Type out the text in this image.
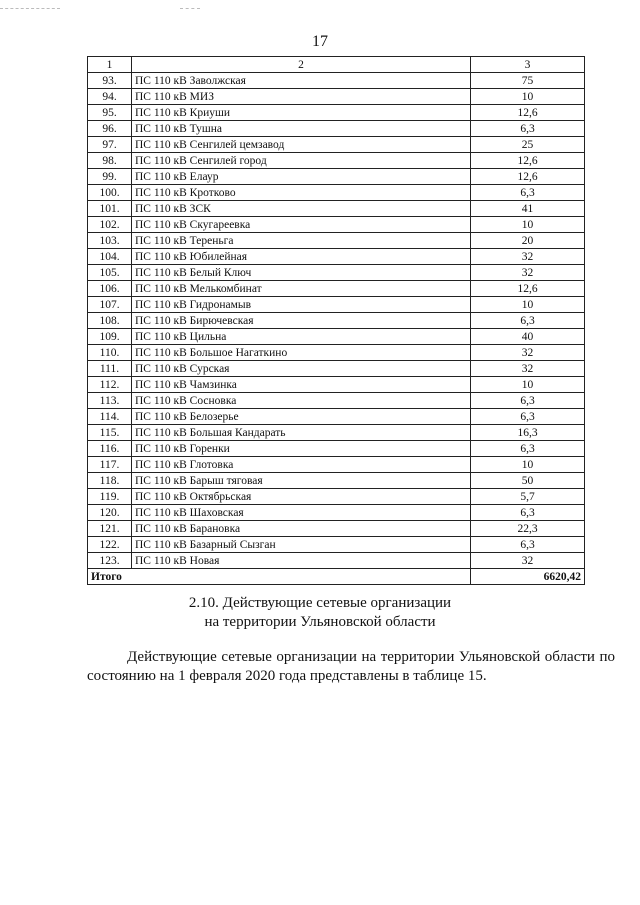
17
1	2	3
93.	ПС 110 кВ Заволжская	75
94.	ПС 110 кВ МИЗ	10
95.	ПС 110 кВ Криуши	12,6
96.	ПС 110 кВ Тушна	6,3
97.	ПС 110 кВ Сенгилей цемзавод	25
98.	ПС 110 кВ Сенгилей город	12,6
99.	ПС 110 кВ Елаур	12,6
100.	ПС 110 кВ Кротково	6,3
101.	ПС 110 кВ ЗСК	41
102.	ПС 110 кВ Скугареевка	10
103.	ПС 110 кВ Тереньга	20
104.	ПС 110 кВ Юбилейная	32
105.	ПС 110 кВ Белый Ключ	32
106.	ПС 110 кВ Мелькомбинат	12,6
107.	ПС 110 кВ Гидронамыв	10
108.	ПС 110 кВ Бирючевская	6,3
109.	ПС 110 кВ Цильна	40
110.	ПС 110 кВ Большое Нагаткино	32
111.	ПС 110 кВ Сурская	32
112.	ПС 110 кВ Чамзинка	10
113.	ПС 110 кВ Сосновка	6,3
114.	ПС 110 кВ Белозерье	6,3
115.	ПС 110 кВ Большая Кандарать	16,3
116.	ПС 110 кВ Горенки	6,3
117.	ПС 110 кВ Глотовка	10
118.	ПС 110 кВ Барыш тяговая	50
119.	ПС 110 кВ Октябрьская	5,7
120.	ПС 110 кВ Шаховская	6,3
121.	ПС 110 кВ Барановка	22,3
122.	ПС 110 кВ Базарный Сызган	6,3
123.	ПС 110 кВ Новая	32
Итого		6620,42
2.10. Действующие сетевые организации
на территории Ульяновской области
Действующие сетевые организации на территории Ульяновской области по состоянию на 1 февраля 2020 года представлены в таблице 15.
